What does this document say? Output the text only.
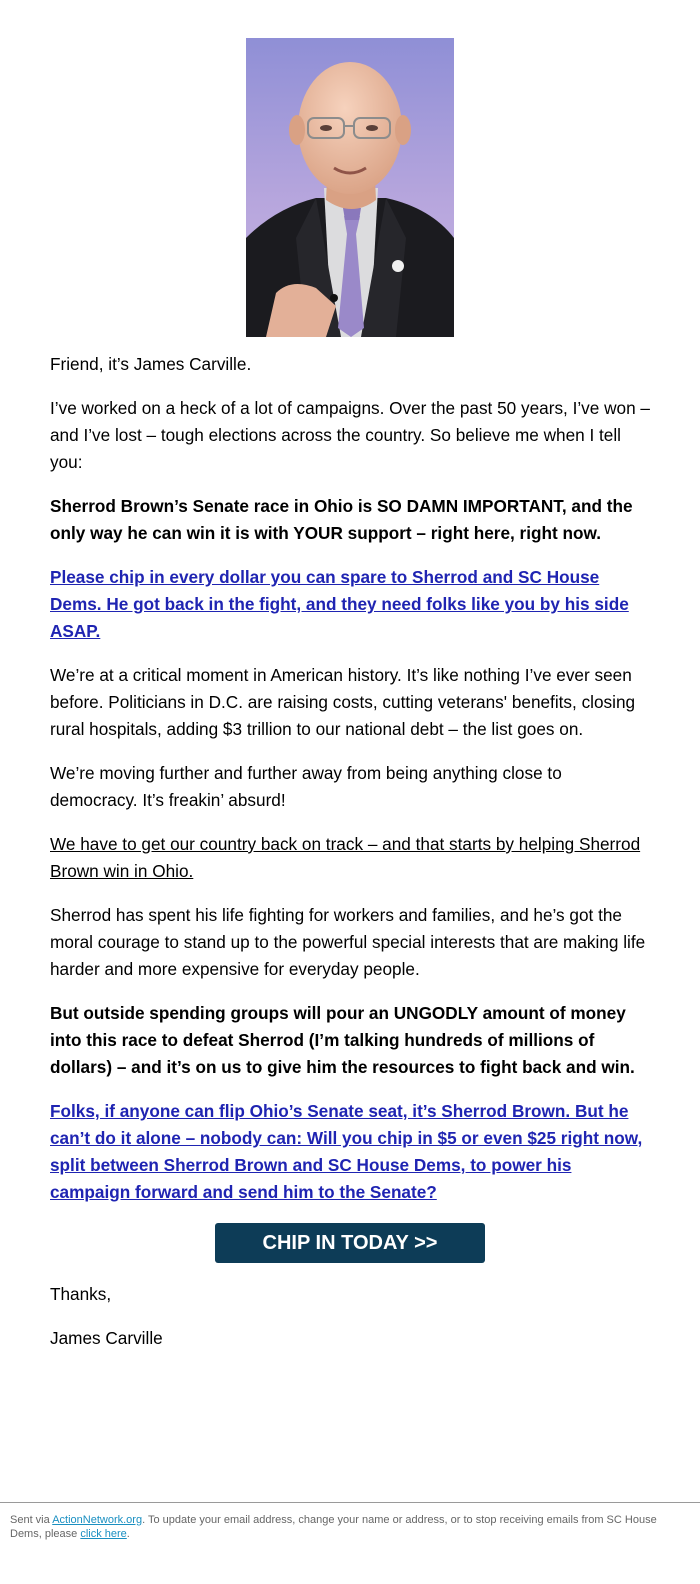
Friend, it’s James Carville.

I’ve worked on a heck of a lot of campaigns. Over the past 50 years, I’ve won – and I’ve lost – tough elections across the country. So believe me when I tell you:

Sherrod Brown’s Senate race in Ohio is SO DAMN IMPORTANT, and the only way he can win it is with YOUR support – right here, right now.

Please chip in every dollar you can spare to Sherrod and SC House Dems. He got back in the fight, and they need folks like you by his side ASAP.

We’re at a critical moment in American history. It’s like nothing I’ve ever seen before. Politicians in D.C. are raising costs, cutting veterans' benefits, closing rural hospitals, adding $3 trillion to our national debt – the list goes on.

We’re moving further and further away from being anything close to democracy. It’s freakin’ absurd!

We have to get our country back on track – and that starts by helping Sherrod Brown win in Ohio.

Sherrod has spent his life fighting for workers and families, and he’s got the moral courage to stand up to the powerful special interests that are making life harder and more expensive for everyday people.

But outside spending groups will pour an UNGODLY amount of money into this race to defeat Sherrod (I’m talking hundreds of millions of dollars) – and it’s on us to give him the resources to fight back and win.

Folks, if anyone can flip Ohio’s Senate seat, it’s Sherrod Brown. But he can’t do it alone – nobody can: Will you chip in $5 or even $25 right now, split between Sherrod Brown and SC House Dems, to power his campaign forward and send him to the Senate?

CHIP IN TODAY >>

Thanks,

James Carville

Sent via ActionNetwork.org. To update your email address, change your name or address, or to stop receiving emails from SC House Dems, please click here.
